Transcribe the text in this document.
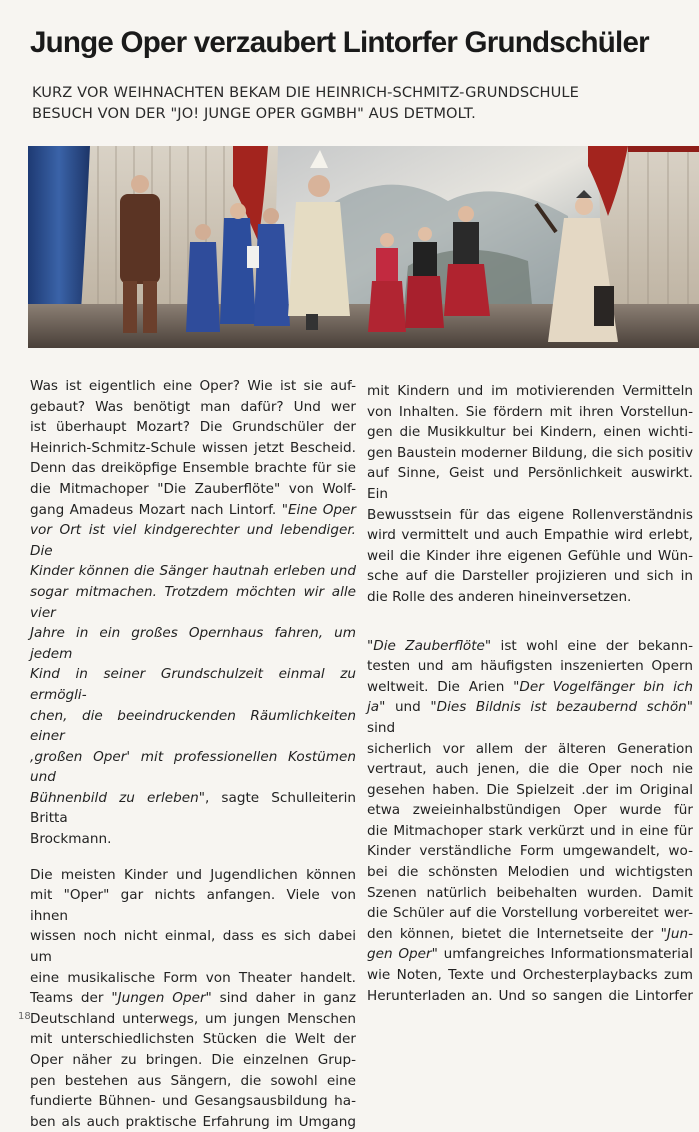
Junge Oper verzaubert Lintorfer Grundschüler
KURZ VOR WEIHNACHTEN BEKAM DIE HEINRICH-SCHMITZ-GRUNDSCHULE
BESUCH VON DER "JO! JUNGE OPER GGMBH" AUS DETMOLT.

Was ist eigentlich eine Oper? Wie ist sie auf-
gebaut? Was benötigt man dafür? Und wer
ist überhaupt Mozart? Die Grundschüler der
Heinrich-Schmitz-Schule wissen jetzt Bescheid.
Denn das dreiköpfige Ensemble brachte für sie
die Mitmachoper "Die Zauberflöte" von Wolf-
gang Amadeus Mozart nach Lintorf. "Eine Oper
vor Ort ist viel kindgerechter und lebendiger. Die
Kinder können die Sänger hautnah erleben und
sogar mitmachen. Trotzdem möchten wir alle vier
Jahre in ein großes Opernhaus fahren, um jedem
Kind in seiner Grundschulzeit einmal zu ermögli-
chen, die beeindruckenden Räumlichkeiten einer
‚großen Oper' mit professionellen Kostümen und
Bühnenbild zu erleben", sagte Schulleiterin Britta
Brockmann.

Die meisten Kinder und Jugendlichen können
mit "Oper" gar nichts anfangen. Viele von ihnen
wissen noch nicht einmal, dass es sich dabei um
eine musikalische Form von Theater handelt.
Teams der "Jungen Oper" sind daher in ganz
Deutschland unterwegs, um jungen Menschen
mit unterschiedlichsten Stücken die Welt der
Oper näher zu bringen. Die einzelnen Grup-
pen bestehen aus Sängern, die sowohl eine
fundierte Bühnen- und Gesangsausbildung ha-
ben als auch praktische Erfahrung im Umgang

mit Kindern und im motivierenden Vermitteln
von Inhalten. Sie fördern mit ihren Vorstellun-
gen die Musikkultur bei Kindern, einen wichti-
gen Baustein moderner Bildung, die sich positiv
auf Sinne, Geist und Persönlichkeit auswirkt. Ein
Bewusstsein für das eigene Rollenverständnis
wird vermittelt und auch Empathie wird erlebt,
weil die Kinder ihre eigenen Gefühle und Wün-
sche auf die Darsteller projizieren und sich in
die Rolle des anderen hineinversetzen.

"Die Zauberflöte" ist wohl eine der bekann-
testen und am häufigsten inszenierten Opern
weltweit. Die Arien "Der Vogelfänger bin ich
ja" und "Dies Bildnis ist bezaubernd schön" sind
sicherlich vor allem der älteren Generation
vertraut, auch jenen, die die Oper noch nie
gesehen haben. Die Spielzeit .der im Original
etwa zweieinhalbstündigen Oper wurde für
die Mitmachoper stark verkürzt und in eine für
Kinder verständliche Form umgewandelt, wo-
bei die schönsten Melodien und wichtigsten
Szenen natürlich beibehalten wurden. Damit
die Schüler auf die Vorstellung vorbereitet wer-
den können, bietet die Internetseite der "Jun-
gen Oper" umfangreiches Informationsmaterial
wie Noten, Texte und Orchesterplaybacks zum
Herunterladen an. Und so sangen die Lintorfer

18
